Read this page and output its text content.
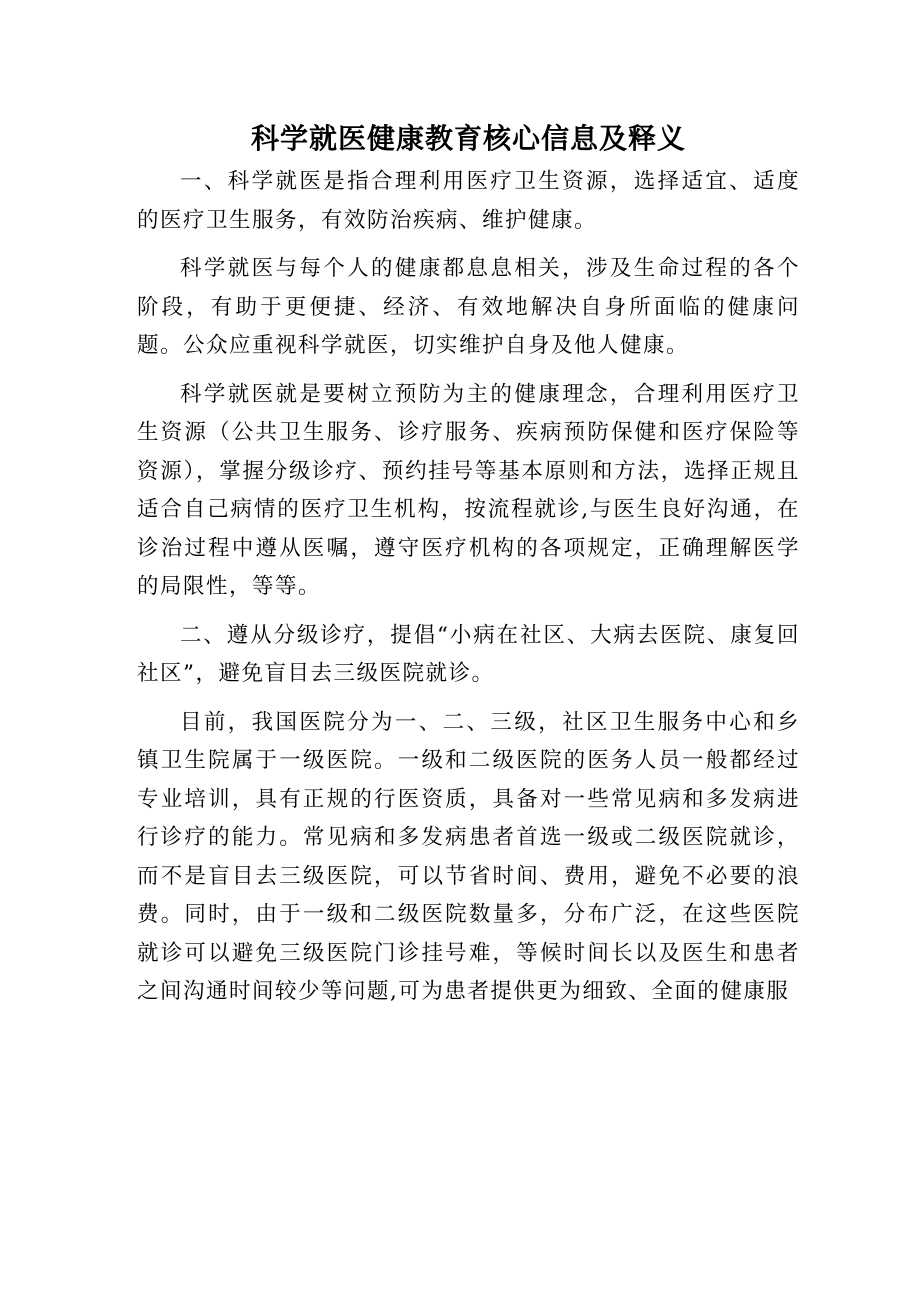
科学就医健康教育核心信息及释义

一、科学就医是指合理利用医疗卫生资源，选择适宜、适度的医疗卫生服务，有效防治疾病、维护健康。

科学就医与每个人的健康都息息相关，涉及生命过程的各个阶段，有助于更便捷、经济、有效地解决自身所面临的健康问题。公众应重视科学就医，切实维护自身及他人健康。

科学就医就是要树立预防为主的健康理念，合理利用医疗卫生资源（公共卫生服务、诊疗服务、疾病预防保健和医疗保险等资源），掌握分级诊疗、预约挂号等基本原则和方法，选择正规且适合自己病情的医疗卫生机构，按流程就诊,与医生良好沟通，在诊治过程中遵从医嘱，遵守医疗机构的各项规定，正确理解医学的局限性，等等。

二、遵从分级诊疗，提倡“小病在社区、大病去医院、康复回社区”，避免盲目去三级医院就诊。

目前，我国医院分为一、二、三级，社区卫生服务中心和乡镇卫生院属于一级医院。一级和二级医院的医务人员一般都经过专业培训，具有正规的行医资质，具备对一些常见病和多发病进行诊疗的能力。常见病和多发病患者首选一级或二级医院就诊，而不是盲目去三级医院，可以节省时间、费用，避免不必要的浪费。同时，由于一级和二级医院数量多，分布广泛，在这些医院就诊可以避免三级医院门诊挂号难，等候时间长以及医生和患者之间沟通时间较少等问题,可为患者提供更为细致、全面的健康服
